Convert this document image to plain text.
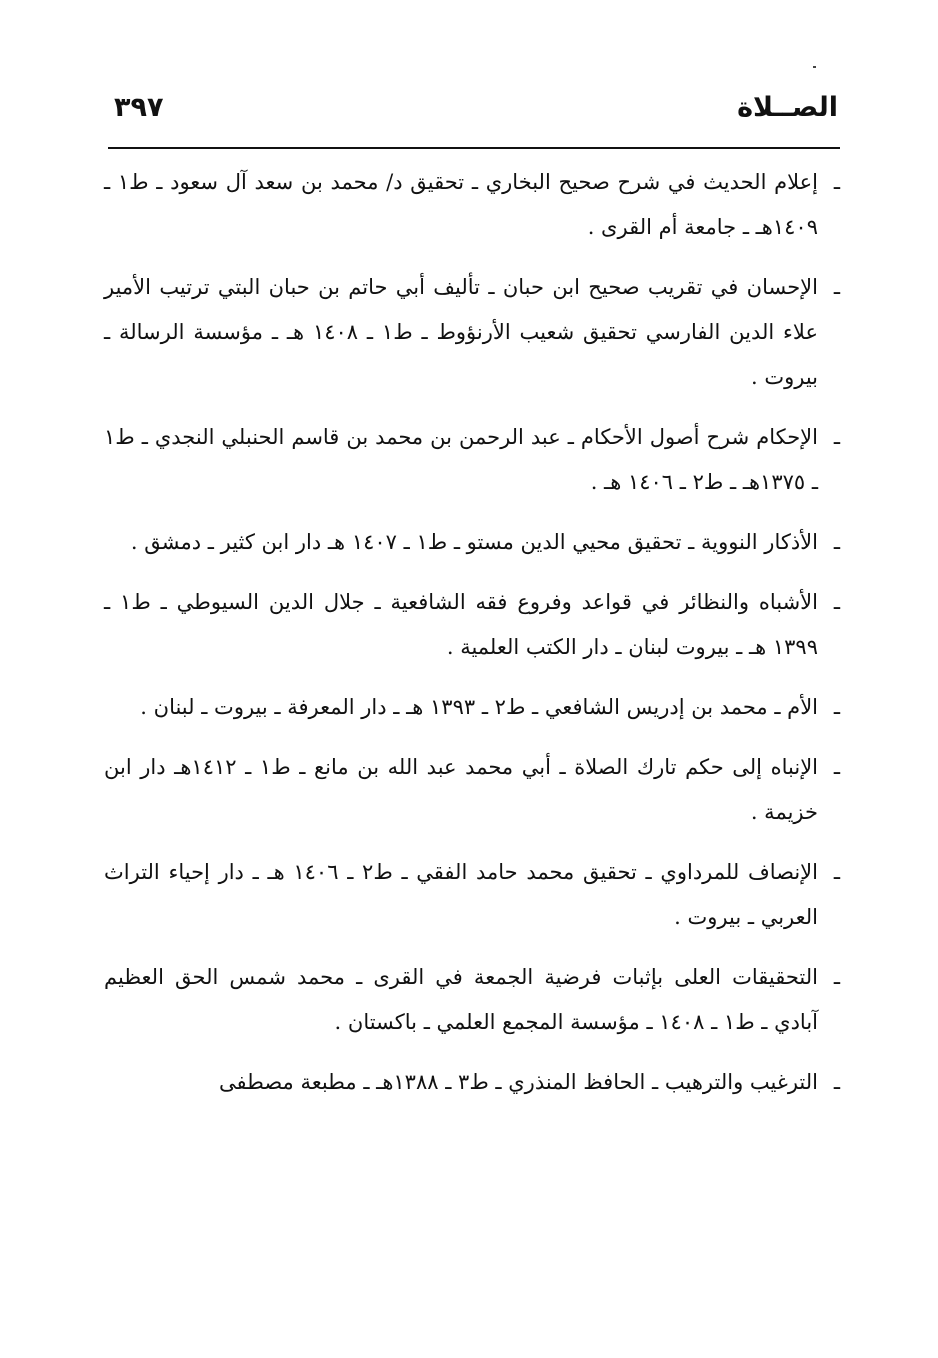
الصــلاة
٣٩٧
ـ
إعلام الحديث في شرح صحيح البخاري ـ تحقيق د/ محمد بن سعد آل سعود ـ ط١ ـ ١٤٠٩هـ ـ جامعة أم القرى .
ـ
الإحسان في تقريب صحيح ابن حبان ـ تأليف أبي حاتم بن حبان البتي ترتيب الأمير علاء الدين الفارسي تحقيق شعيب الأرنؤوط ـ ط١ ـ ١٤٠٨ هـ ـ مؤسسة الرسالة ـ بيروت .
ـ
الإحكام شرح أصول الأحكام ـ عبد الرحمن بن محمد بن قاسم الحنبلي النجدي ـ ط١ ـ ١٣٧٥هـ ـ ط٢ ـ ١٤٠٦ هـ .
ـ
الأذكار النووية ـ تحقيق محيي الدين مستو ـ ط١ ـ ١٤٠٧ هـ دار ابن كثير ـ دمشق .
ـ
الأشباه والنظائر في قواعد وفروع فقه الشافعية ـ جلال الدين السيوطي ـ ط١ ـ ١٣٩٩ هـ ـ بيروت لبنان ـ دار الكتب العلمية .
ـ
الأم ـ محمد بن إدريس الشافعي ـ ط٢ ـ ١٣٩٣ هـ ـ دار المعرفة ـ بيروت ـ لبنان .
ـ
الإنباه إلى حكم تارك الصلاة ـ أبي محمد عبد الله بن مانع ـ ط١ ـ ١٤١٢هـ دار ابن خزيمة .
ـ
الإنصاف للمرداوي ـ تحقيق محمد حامد الفقي ـ ط٢ ـ ١٤٠٦ هـ ـ دار إحياء التراث العربي ـ بيروت .
ـ
التحقيقات العلى بإثبات فرضية الجمعة في القرى ـ محمد شمس الحق العظيم آبادي ـ ط١ ـ ١٤٠٨ ـ مؤسسة المجمع العلمي ـ باكستان .
ـ
الترغيب والترهيب ـ الحافظ المنذري ـ ط٣ ـ ١٣٨٨هـ ـ مطبعة مصطفى
